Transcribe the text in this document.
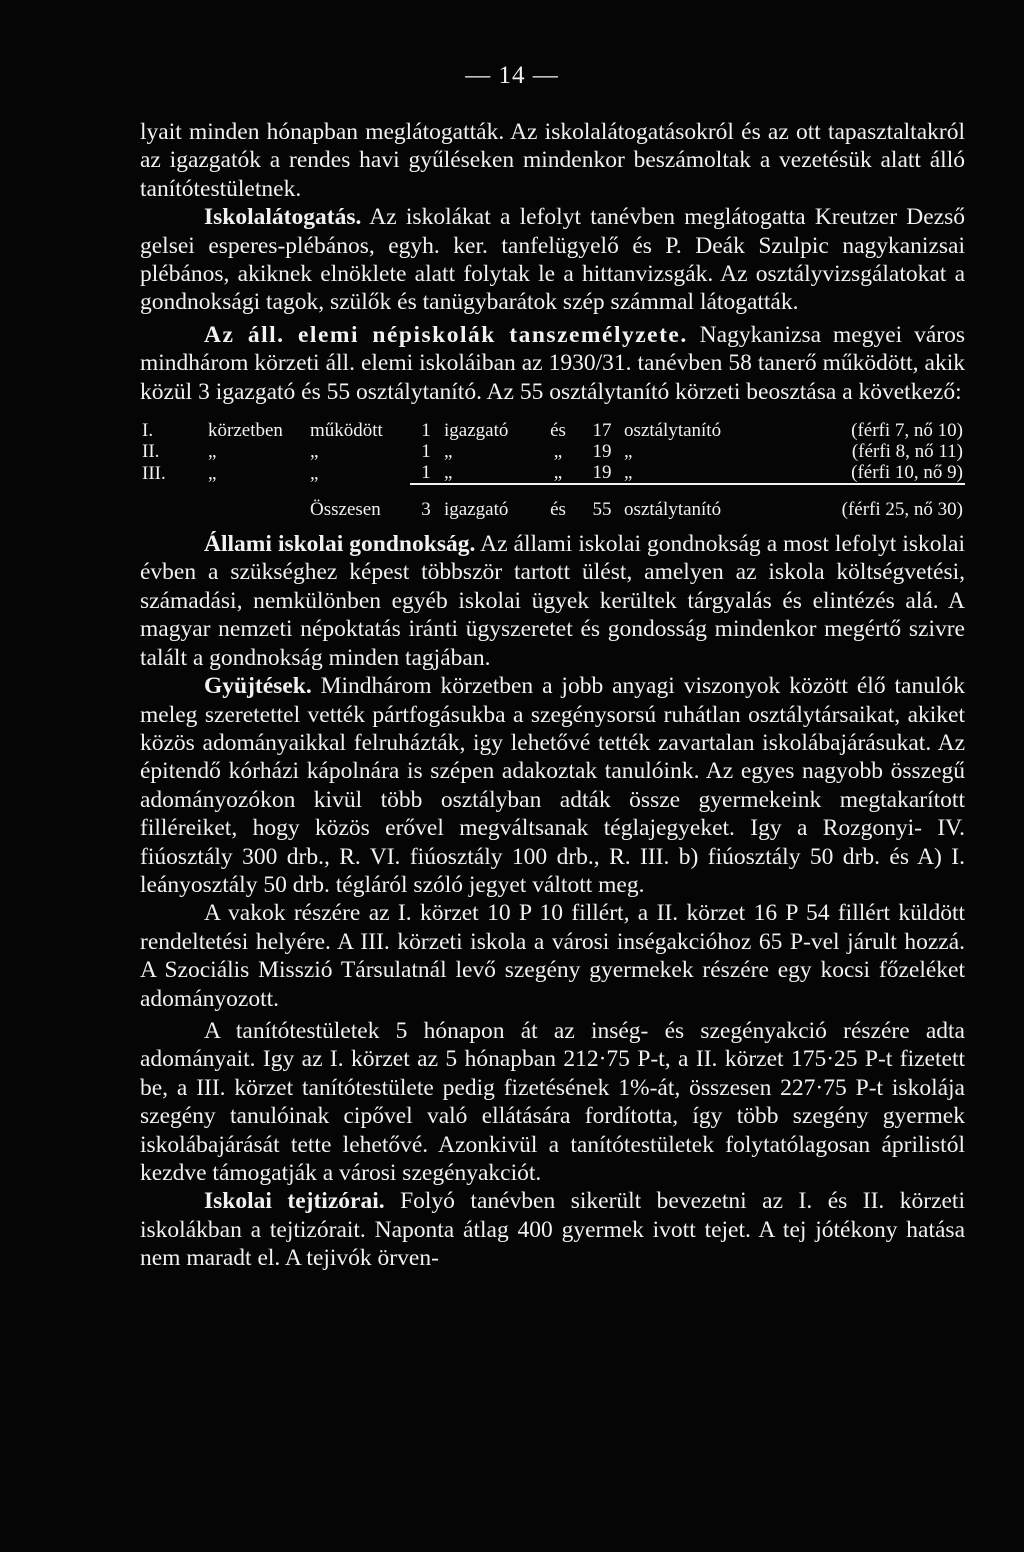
— 14 —

lyait minden hónapban meglátogatták. Az iskolalátogatásokról és az ott tapasztaltakról az igazgatók a rendes havi gyűléseken mindenkor beszámoltak a vezetésük alatt álló tanítótestületnek.

Iskolalátogatás. Az iskolákat a lefolyt tanévben meglátogatta Kreutzer Dezső gelsei esperes-plébános, egyh. ker. tanfelügyelő és P. Deák Szulpic nagykanizsai plébános, akiknek elnöklete alatt folytak le a hittanvizsgák. Az osztályvizsgálatokat a gondnoksági tagok, szülők és tanügybarátok szép számmal látogatták.

Az áll. elemi népiskolák tanszemélyzete. Nagykanizsa megyei város mindhárom körzeti áll. elemi iskoláiban az 1930/31. tanévben 58 tanerő működött, akik közül 3 igazgató és 55 osztálytanító. Az 55 osztálytanító körzeti beosztása a következő:

I.	körzetben	működött	1	igazgató	és	17	osztálytanító	(férfi 7, nő 10)
II.	„	„	1	„	„	19	„	(férfi 8, nő 11)
III.	„	„	1	„	„	19	„	(férfi 10, nő 9)
		Összesen	3	igazgató	és	55	osztálytanító	(férfi 25, nő 30)

Állami iskolai gondnokság. Az állami iskolai gondnokság a most lefolyt iskolai évben a szükséghez képest többször tartott ülést, amelyen az iskola költségvetési, számadási, nemkülönben egyéb iskolai ügyek kerültek tárgyalás és elintézés alá. A magyar nemzeti népoktatás iránti ügyszeretet és gondosság mindenkor megértő szivre talált a gondnokság minden tagjában.

Gyüjtések. Mindhárom körzetben a jobb anyagi viszonyok között élő tanulók meleg szeretettel vették pártfogásukba a szegénysorsú ruhátlan osztálytársaikat, akiket közös adományaikkal felruházták, igy lehetővé tették zavartalan iskolábajárásukat. Az épitendő kórházi kápolnára is szépen adakoztak tanulóink. Az egyes nagyobb összegű adományozókon kivül több osztályban adták össze gyermekeink megtakarított filléreiket, hogy közös erővel megváltsanak téglajegyeket. Igy a Rozgonyi- IV. fiúosztály 300 drb., R. VI. fiúosztály 100 drb., R. III. b) fiúosztály 50 drb. és A) I. leányosztály 50 drb. tégláról szóló jegyet váltott meg.

A vakok részére az I. körzet 10 P 10 fillért, a II. körzet 16 P 54 fillért küldött rendeltetési helyére. A III. körzeti iskola a városi inségakcióhoz 65 P-vel járult hozzá. A Szociális Misszió Társulatnál levő szegény gyermekek részére egy kocsi főzeléket adományozott.

A tanítótestületek 5 hónapon át az inség- és szegényakció részére adta adományait. Igy az I. körzet az 5 hónapban 212·75 P-t, a II. körzet 175·25 P-t fizetett be, a III. körzet tanítótestülete pedig fizetésének 1%-át, összesen 227·75 P-t iskolája szegény tanulóinak cipővel való ellátására fordította, így több szegény gyermek iskolábajárását tette lehetővé. Azonkivül a tanítótestületek folytatólagosan áprilistól kezdve támogatják a városi szegényakciót.

Iskolai tejtizórai. Folyó tanévben sikerült bevezetni az I. és II. körzeti iskolákban a tejtizórait. Naponta átlag 400 gyermek ivott tejet. A tej jótékony hatása nem maradt el. A tejivók örven-
